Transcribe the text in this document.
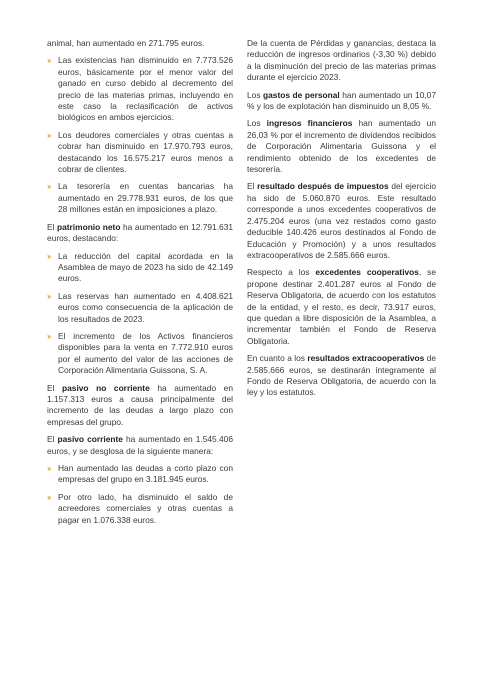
animal, han aumentado en 271.795 euros.

›› Las existencias han disminuido en 7.773.526 euros, básicamente por el menor valor del ganado en curso debido al decremento del precio de las materias primas, incluyendo en este caso la reclasificación de activos biológicos en ambos ejercicios.
›› Los deudores comerciales y otras cuentas a cobrar han disminuido en 17.970.793 euros, destacando los 16.575.217 euros menos a cobrar de clientes.
›› La tesorería en cuentas bancarias ha aumentado en 29.778.931 euros, de los que 28 millones están en imposiciones a plazo.

El patrimonio neto ha aumentado en 12.791.631 euros, destacando:

›› La reducción del capital acordada en la Asamblea de mayo de 2023 ha sido de 42.149 euros.
›› Las reservas han aumentado en 4.408.621 euros como consecuencia de la aplicación de los resultados de 2023.
›› El incremento de los Activos financieros disponibles para la venta en 7.772.910 euros por el aumento del valor de las acciones de Corporación Alimentaria Guissona, S. A.

El pasivo no corriente ha aumentado en 1.157.313 euros a causa principalmente del incremento de las deudas a largo plazo con empresas del grupo.

El pasivo corriente ha aumentado en 1.545.406 euros, y se desglosa de la siguiente manera:

›› Han aumentado las deudas a corto plazo con empresas del grupo en 3.181.945 euros.
›› Por otro lado, ha disminuido el saldo de acreedores comerciales y otras cuentas a pagar en 1.076.338 euros.

De la cuenta de Pérdidas y ganancias, destaca la reducción de ingresos ordinarios (-3,30 %) debido a la disminución del precio de las materias primas durante el ejercicio 2023.

Los gastos de personal han aumentado un 10,07 % y los de explotación han disminuido un 8,05 %.

Los ingresos financieros han aumentado un 26,03 % por el incremento de dividendos recibidos de Corporación Alimentaria Guissona y el rendimiento obtenido de los excedentes de tesorería.

El resultado después de impuestos del ejercicio ha sido de 5.060.870 euros. Este resultado corresponde a unos excedentes cooperativos de 2.475.204 euros (una vez restados como gasto deducible 140.426 euros destinados al Fondo de Educación y Promoción) y a unos resultados extracooperativos de 2.585.666 euros.

Respecto a los excedentes cooperativos, se propone destinar 2.401.287 euros al Fondo de Reserva Obligatoria, de acuerdo con los estatutos de la entidad, y el resto, es decir, 73.917 euros, que quedan a libre disposición de la Asamblea, a incrementar también el Fondo de Reserva Obligatoria.

En cuanto a los resultados extracooperativos de 2.585.666 euros, se destinarán íntegramente al Fondo de Reserva Obligatoria, de acuerdo con la ley y los estatutos.
